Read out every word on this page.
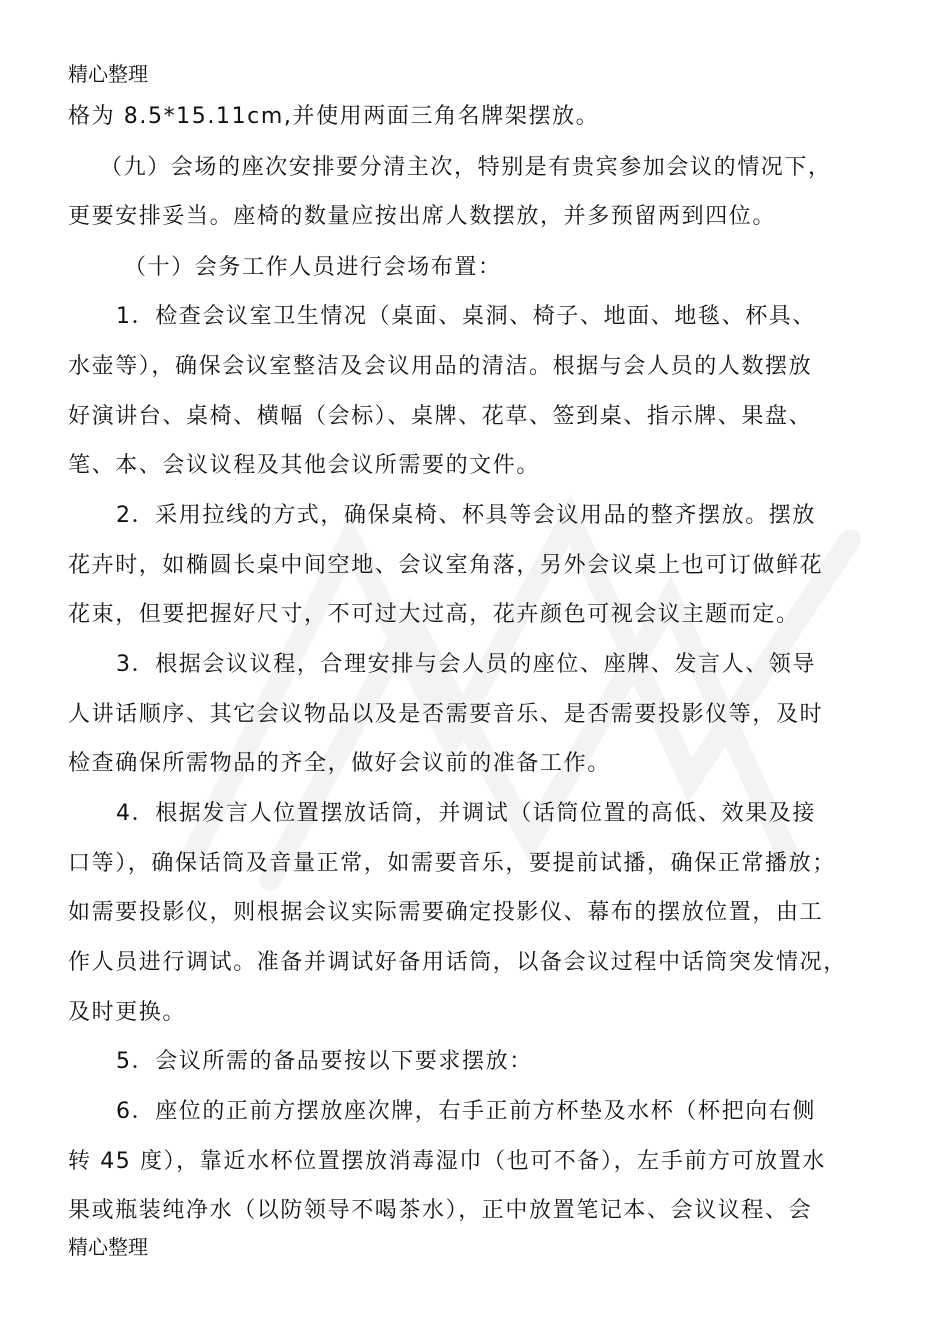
精心整理
格为 8.5*15.11cm,并使用两面三角名牌架摆放。
（九）会场的座次安排要分清主次，特别是有贵宾参加会议的情况下，
更要安排妥当。座椅的数量应按出席人数摆放，并多预留两到四位。
（十）会务工作人员进行会场布置：
1．检查会议室卫生情况（桌面、桌洞、椅子、地面、地毯、杯具、
水壶等），确保会议室整洁及会议用品的清洁。根据与会人员的人数摆放
好演讲台、桌椅、横幅（会标）、桌牌、花草、签到桌、指示牌、果盘、
笔、本、会议议程及其他会议所需要的文件。
2．采用拉线的方式，确保桌椅、杯具等会议用品的整齐摆放。摆放
花卉时，如椭圆长桌中间空地、会议室角落，另外会议桌上也可订做鲜花
花束，但要把握好尺寸，不可过大过高，花卉颜色可视会议主题而定。
3．根据会议议程，合理安排与会人员的座位、座牌、发言人、领导
人讲话顺序、其它会议物品以及是否需要音乐、是否需要投影仪等，及时
检查确保所需物品的齐全，做好会议前的准备工作。
4．根据发言人位置摆放话筒，并调试（话筒位置的高低、效果及接
口等），确保话筒及音量正常，如需要音乐，要提前试播，确保正常播放；
如需要投影仪，则根据会议实际需要确定投影仪、幕布的摆放位置，由工
作人员进行调试。准备并调试好备用话筒，以备会议过程中话筒突发情况，
及时更换。
5．会议所需的备品要按以下要求摆放：
6．座位的正前方摆放座次牌，右手正前方杯垫及水杯（杯把向右侧
转 45 度），靠近水杯位置摆放消毒湿巾（也可不备），左手前方可放置水
果或瓶装纯净水（以防领导不喝茶水），正中放置笔记本、会议议程、会
精心整理
